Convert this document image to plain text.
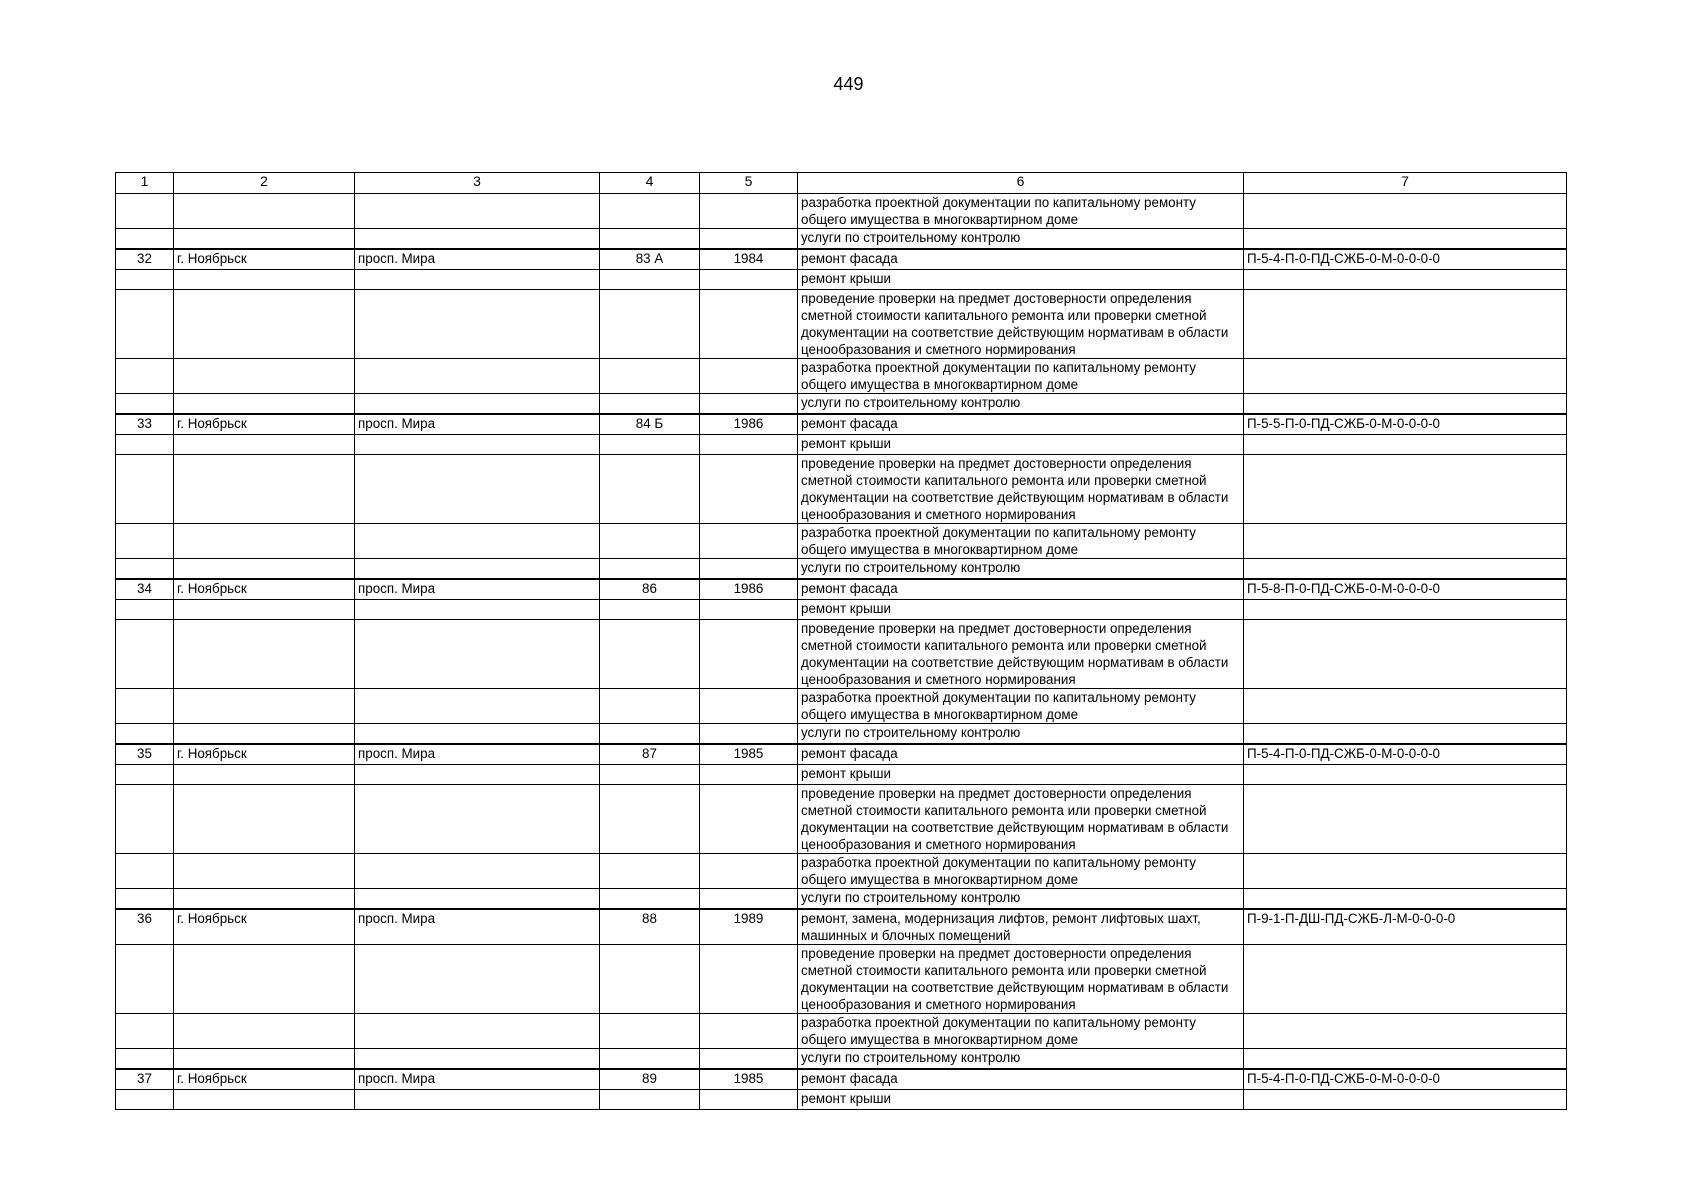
449
1	2	3	4	5	6	7
					разработка проектной документации по капитальному ремонту общего имущества в многоквартирном доме	
					услуги по строительному контролю	
32	г. Ноябрьск	просп. Мира	83 А	1984	ремонт фасада	П-5-4-П-0-ПД-СЖБ-0-М-0-0-0-0
					ремонт крыши	
					проведение проверки на предмет достоверности определения сметной стоимости капитального ремонта или проверки сметной документации на соответствие действующим нормативам в области ценообразования и сметного нормирования	
					разработка проектной документации по капитальному ремонту общего имущества в многоквартирном доме	
					услуги по строительному контролю	
33	г. Ноябрьск	просп. Мира	84 Б	1986	ремонт фасада	П-5-5-П-0-ПД-СЖБ-0-М-0-0-0-0
					ремонт крыши	
					проведение проверки на предмет достоверности определения сметной стоимости капитального ремонта или проверки сметной документации на соответствие действующим нормативам в области ценообразования и сметного нормирования	
					разработка проектной документации по капитальному ремонту общего имущества в многоквартирном доме	
					услуги по строительному контролю	
34	г. Ноябрьск	просп. Мира	86	1986	ремонт фасада	П-5-8-П-0-ПД-СЖБ-0-М-0-0-0-0
					ремонт крыши	
					проведение проверки на предмет достоверности определения сметной стоимости капитального ремонта или проверки сметной документации на соответствие действующим нормативам в области ценообразования и сметного нормирования	
					разработка проектной документации по капитальному ремонту общего имущества в многоквартирном доме	
					услуги по строительному контролю	
35	г. Ноябрьск	просп. Мира	87	1985	ремонт фасада	П-5-4-П-0-ПД-СЖБ-0-М-0-0-0-0
					ремонт крыши	
					проведение проверки на предмет достоверности определения сметной стоимости капитального ремонта или проверки сметной документации на соответствие действующим нормативам в области ценообразования и сметного нормирования	
					разработка проектной документации по капитальному ремонту общего имущества в многоквартирном доме	
					услуги по строительному контролю	
36	г. Ноябрьск	просп. Мира	88	1989	ремонт, замена, модернизация лифтов, ремонт лифтовых шахт, машинных и блочных помещений	П-9-1-П-ДШ-ПД-СЖБ-Л-М-0-0-0-0
					проведение проверки на предмет достоверности определения сметной стоимости капитального ремонта или проверки сметной документации на соответствие действующим нормативам в области ценообразования и сметного нормирования	
					разработка проектной документации по капитальному ремонту общего имущества в многоквартирном доме	
					услуги по строительному контролю	
37	г. Ноябрьск	просп. Мира	89	1985	ремонт фасада	П-5-4-П-0-ПД-СЖБ-0-М-0-0-0-0
					ремонт крыши	
